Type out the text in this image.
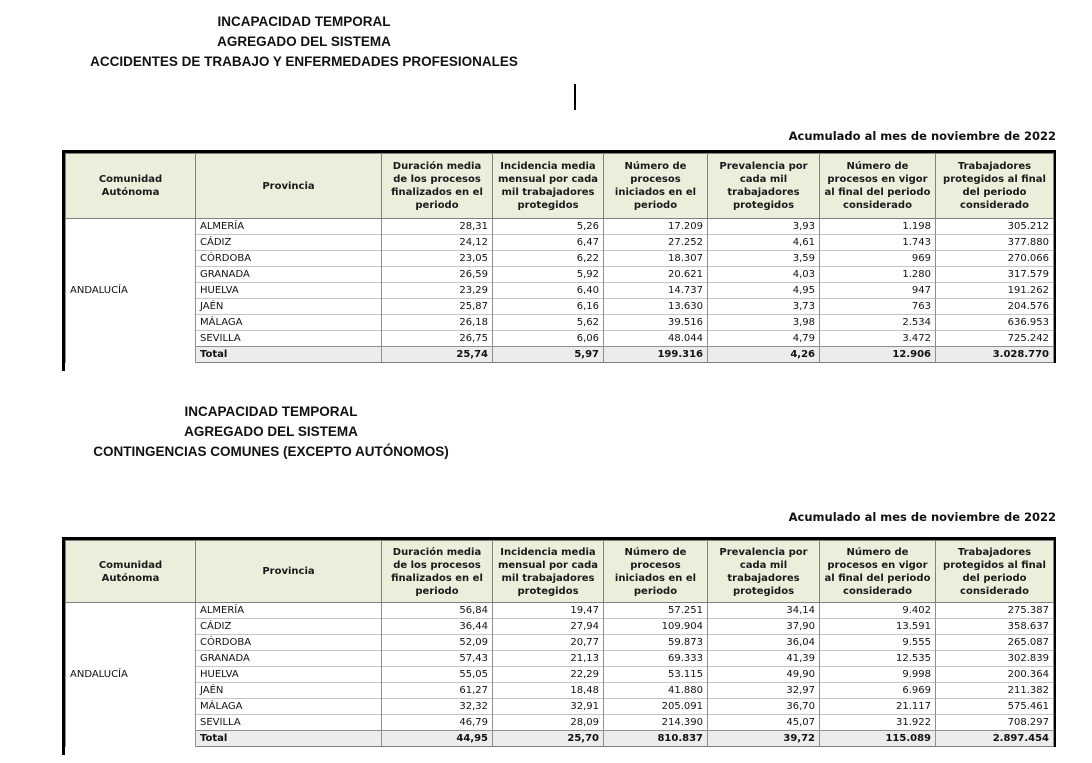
INCAPACIDAD TEMPORAL
AGREGADO DEL SISTEMA
ACCIDENTES DE TRABAJO Y ENFERMEDADES PROFESIONALES
Acumulado al mes de noviembre de 2022
Comunidad Autónoma	Provincia	Duración media de los procesos finalizados en el periodo	Incidencia media mensual por cada mil trabajadores protegidos	Número de procesos iniciados en el periodo	Prevalencia por cada mil trabajadores protegidos	Número de procesos en vigor al final del periodo considerado	Trabajadores protegidos al final del periodo considerado
ANDALUCÍA	ALMERÍA	28,31	5,26	17.209	3,93	1.198	305.212
	CÁDIZ	24,12	6,47	27.252	4,61	1.743	377.880
	CÓRDOBA	23,05	6,22	18.307	3,59	969	270.066
	GRANADA	26,59	5,92	20.621	4,03	1.280	317.579
	HUELVA	23,29	6,40	14.737	4,95	947	191.262
	JAÉN	25,87	6,16	13.630	3,73	763	204.576
	MÁLAGA	26,18	5,62	39.516	3,98	2.534	636.953
	SEVILLA	26,75	6,06	48.044	4,79	3.472	725.242
	Total	25,74	5,97	199.316	4,26	12.906	3.028.770
INCAPACIDAD TEMPORAL
AGREGADO DEL SISTEMA
CONTINGENCIAS COMUNES (EXCEPTO AUTÓNOMOS)
Acumulado al mes de noviembre de 2022
Comunidad Autónoma	Provincia	Duración media de los procesos finalizados en el periodo	Incidencia media mensual por cada mil trabajadores protegidos	Número de procesos iniciados en el periodo	Prevalencia por cada mil trabajadores protegidos	Número de procesos en vigor al final del periodo considerado	Trabajadores protegidos al final del periodo considerado
ANDALUCÍA	ALMERÍA	56,84	19,47	57.251	34,14	9.402	275.387
	CÁDIZ	36,44	27,94	109.904	37,90	13.591	358.637
	CÓRDOBA	52,09	20,77	59.873	36,04	9.555	265.087
	GRANADA	57,43	21,13	69.333	41,39	12.535	302.839
	HUELVA	55,05	22,29	53.115	49,90	9.998	200.364
	JAÉN	61,27	18,48	41.880	32,97	6.969	211.382
	MÁLAGA	32,32	32,91	205.091	36,70	21.117	575.461
	SEVILLA	46,79	28,09	214.390	45,07	31.922	708.297
	Total	44,95	25,70	810.837	39,72	115.089	2.897.454
